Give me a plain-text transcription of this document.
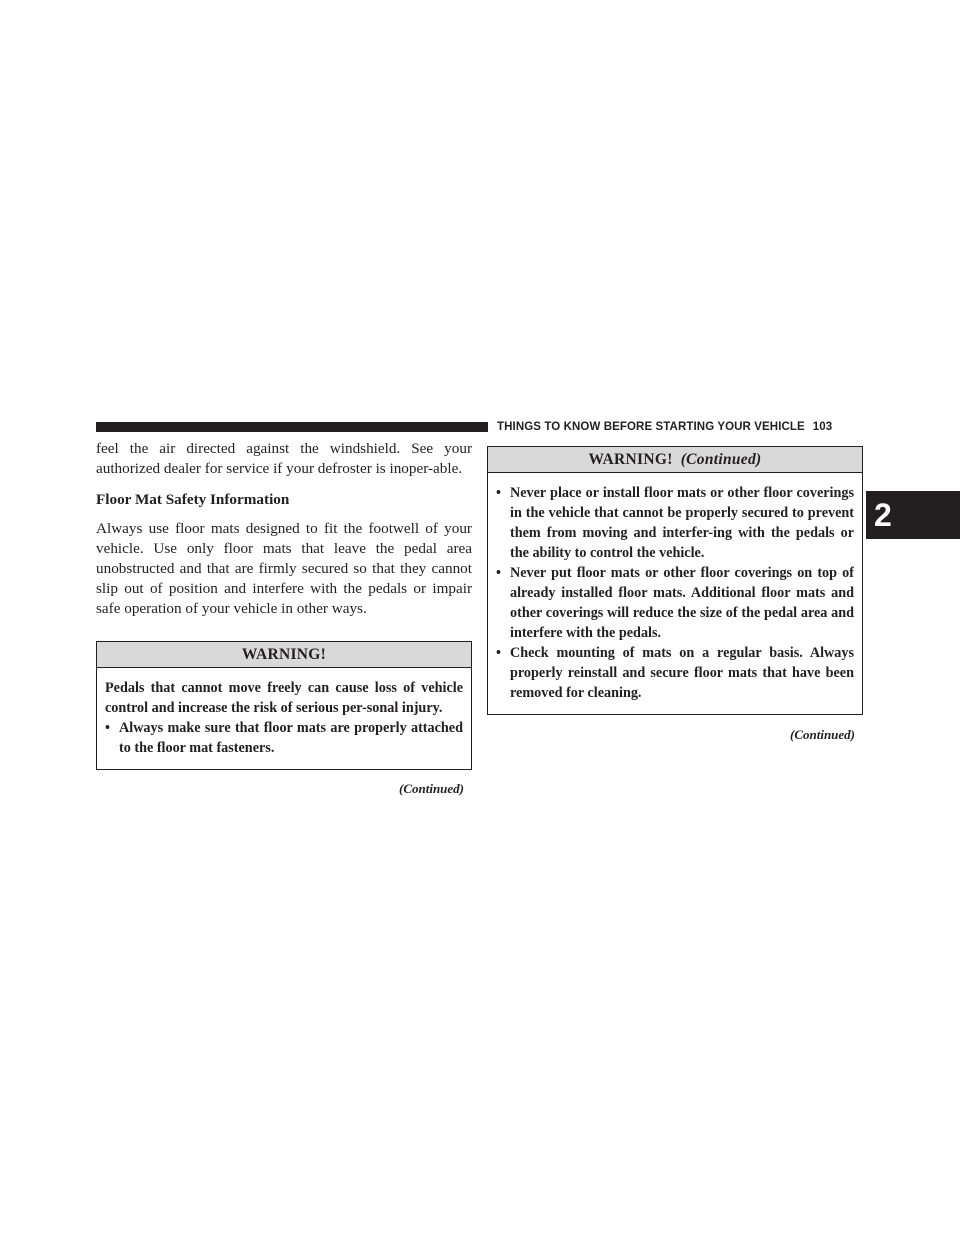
THINGS TO KNOW BEFORE STARTING YOUR VEHICLE 103
2

feel the air directed against the windshield. See your authorized dealer for service if your defroster is inoper-able.

Floor Mat Safety Information

Always use floor mats designed to fit the footwell of your vehicle. Use only floor mats that leave the pedal area unobstructed and that are firmly secured so that they cannot slip out of position and interfere with the pedals or impair safe operation of your vehicle in other ways.

WARNING!

Pedals that cannot move freely can cause loss of vehicle control and increase the risk of serious per-sonal injury.

• Always make sure that floor mats are properly attached to the floor mat fasteners.
(Continued)
WARNING! (Continued)
• Never place or install floor mats or other floor coverings in the vehicle that cannot be properly secured to prevent them from moving and interfer-ing with the pedals or the ability to control the vehicle.
• Never put floor mats or other floor coverings on top of already installed floor mats. Additional floor mats and other coverings will reduce the size of the pedal area and interfere with the pedals.
• Check mounting of mats on a regular basis. Always properly reinstall and secure floor mats that have been removed for cleaning.
(Continued)
